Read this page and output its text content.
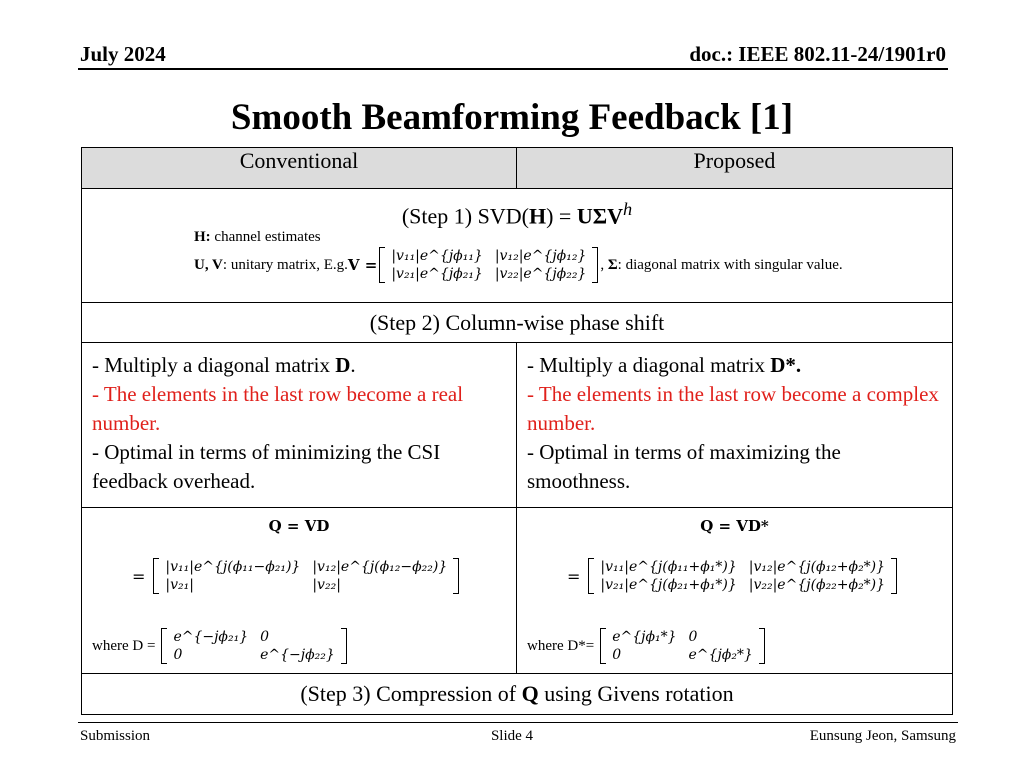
July 2024	doc.: IEEE 802.11-24/1901r0
Smooth Beamforming Feedback [1]
Conventional	Proposed

(Step 1) $SVD(H) = U\Sigma V^h$
H: channel estimates
U, V : unitary matrix, E.g. V = |v₁₁|e^{jϕ₁₁}	|v₁₂|e^{jϕ₁₂}
|v₂₁|e^{jϕ₂₁}	|v₂₂|e^{jϕ₂₂}
, Σ : diagonal matrix with singular value.

(Step 2) Column-wise phase shift

- Multiply a diagonal matrix D.
- The elements in the last row become a real number.
- Optimal in terms of minimizing the CSI feedback overhead.

- Multiply a diagonal matrix D*.
- The elements in the last row become a complex number.
- Optimal in terms of maximizing the smoothness.

Q = VD
= |v₁₁|e^{j(ϕ₁₁−ϕ₂₁)}	|v₁₂|e^{j(ϕ₁₂−ϕ₂₂)}
|v₂₁|	|v₂₂|
where D =
e^{−jϕ₂₁}	0
0	e^{−jϕ₂₂}

Q = VD*
= |v₁₁|e^{j(ϕ₁₁+ϕ₁*)}	|v₁₂|e^{j(ϕ₁₂+ϕ₂*)}
|v₂₁|e^{j(ϕ₂₁+ϕ₁*)}	|v₂₂|e^{j(ϕ₂₂+ϕ₂*)}
where D*=
e^{jϕ₁*}	0
0	e^{jϕ₂*}

(Step 3) Compression of Q using Givens rotation
Submission	Slide 4	Eunsung Jeon, Samsung
